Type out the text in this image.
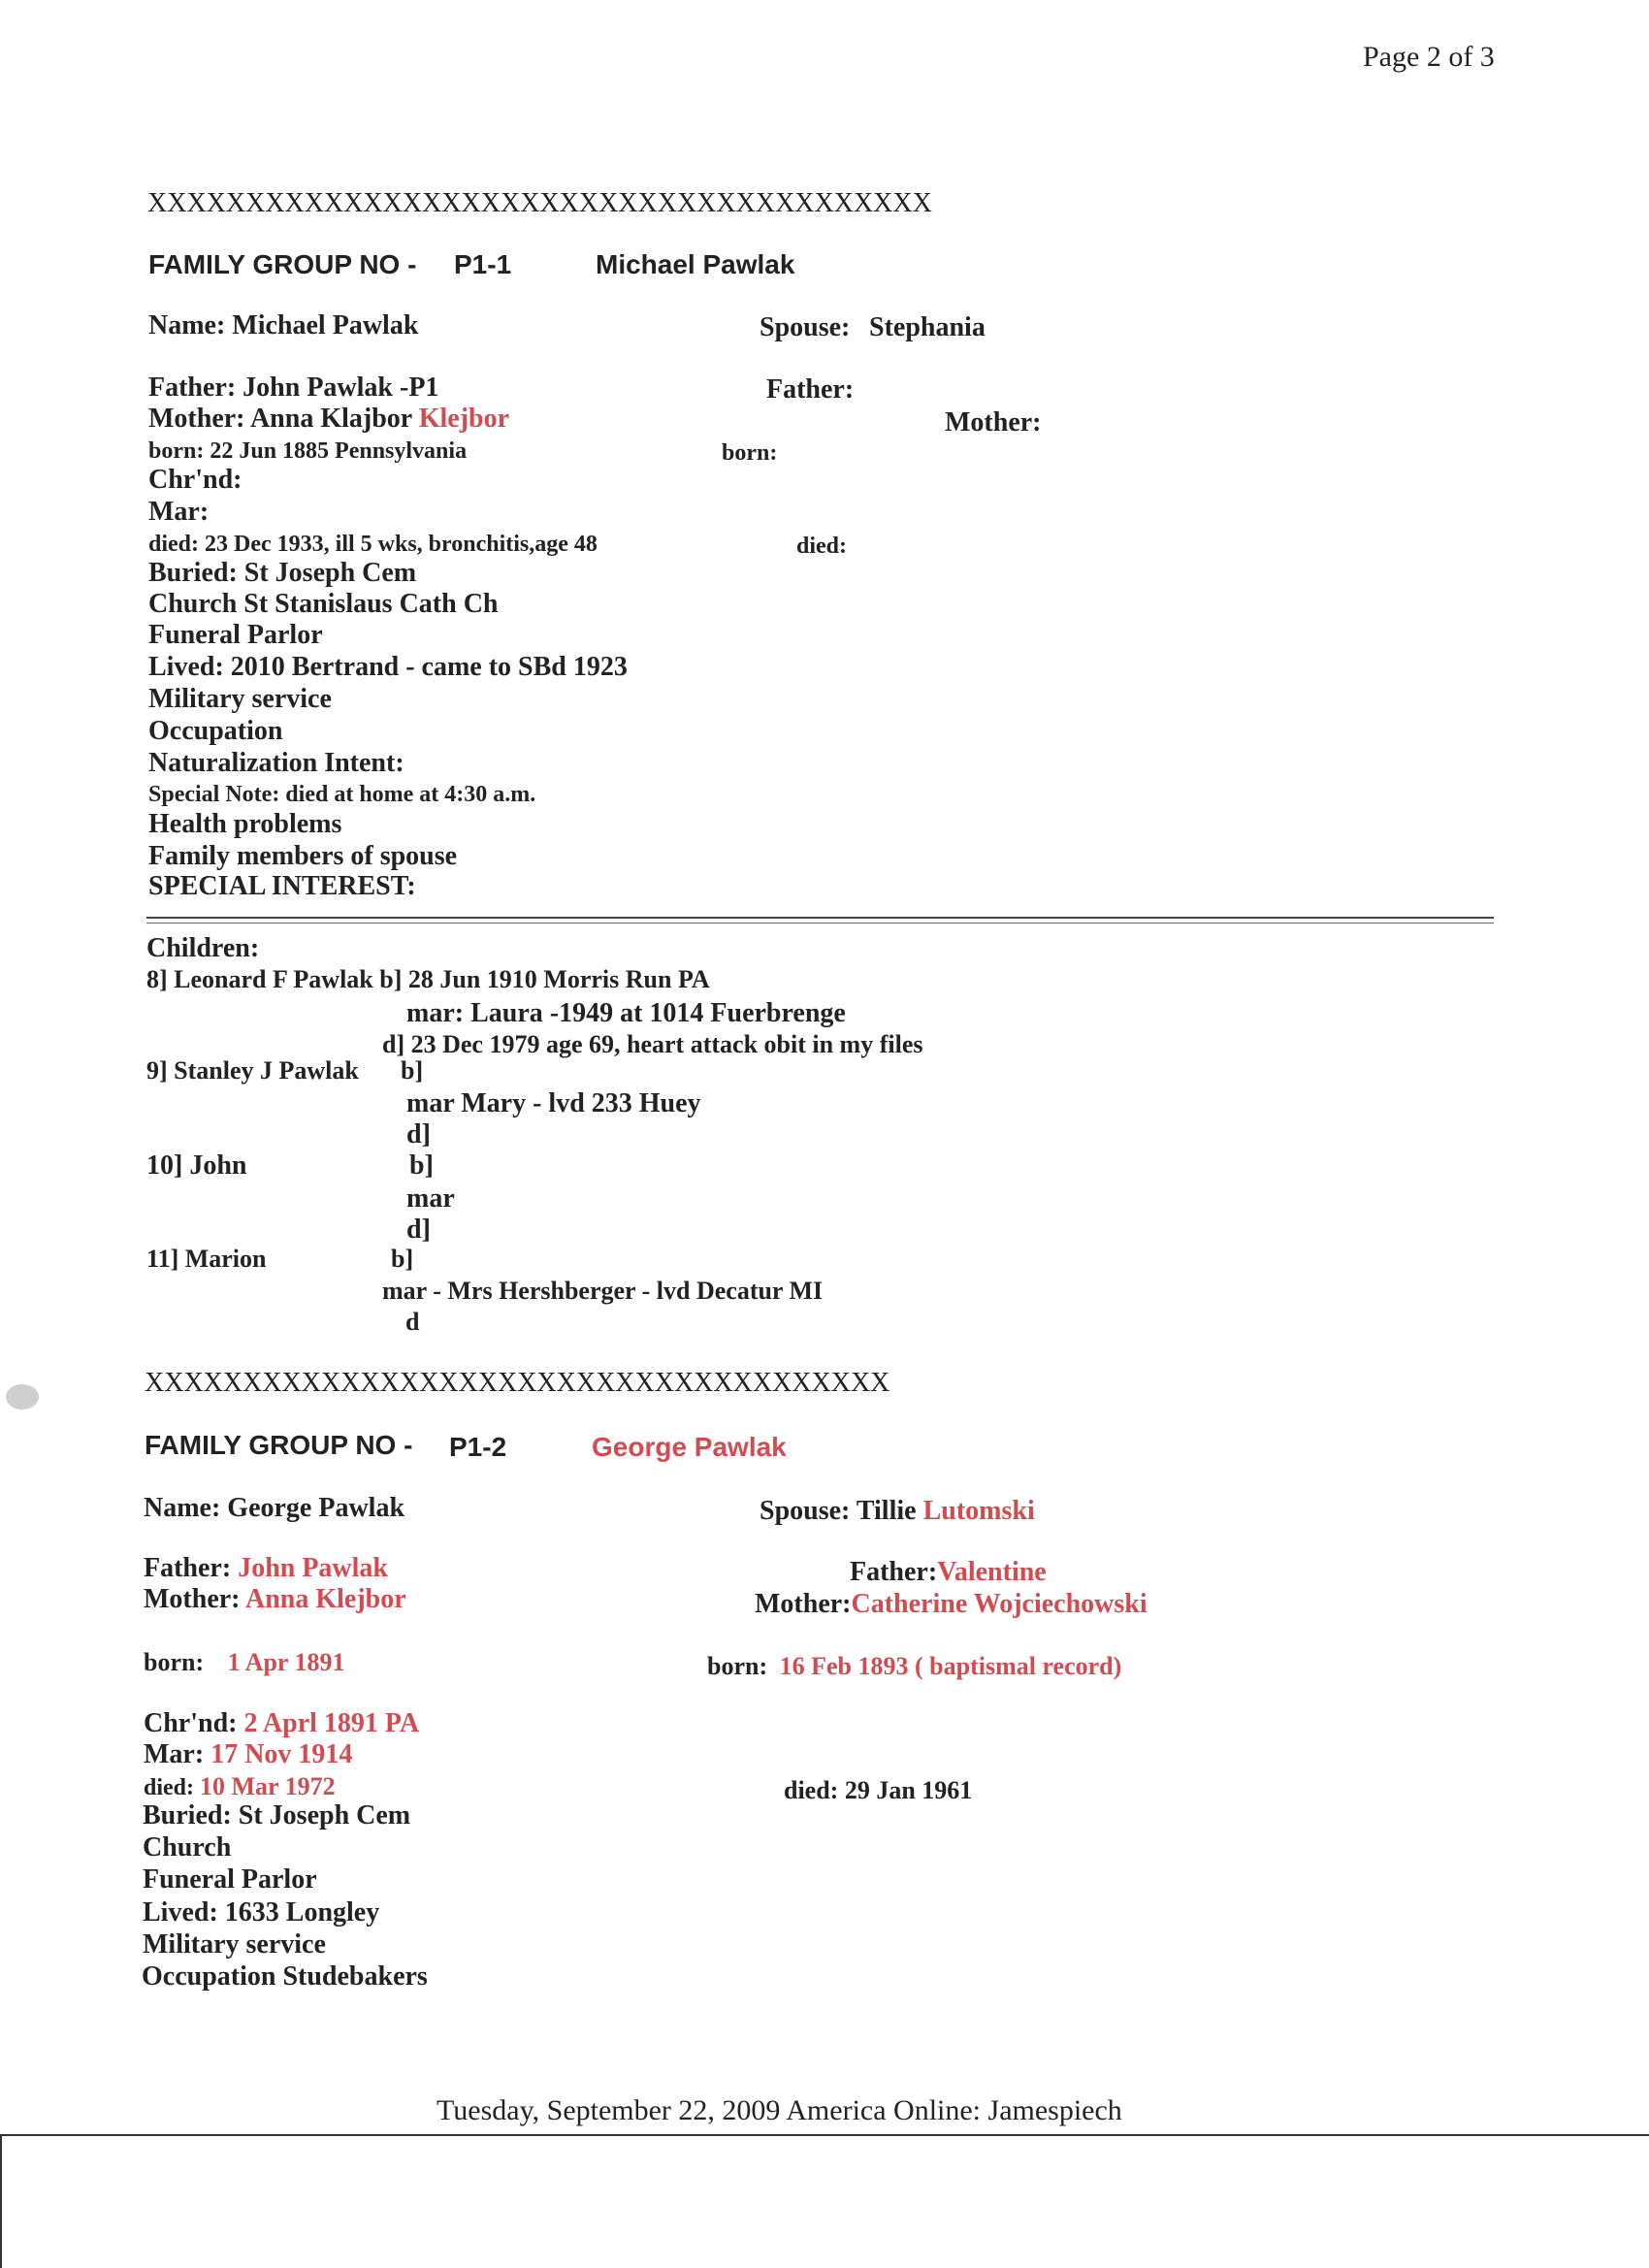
Page 2 of 3
XXXXXXXXXXXXXXXXXXXXXXXXXXXXXXXXXXXXXXXX
FAMILY GROUP NO - P1-1	Michael Pawlak
Name: Michael Pawlak	Spouse: Stephania
Father: John Pawlak -P1
Mother: Anna Klajbor Klejbor
born: 22 Jun 1885 Pennsylvania
Chr'nd:
Mar:
died: 23 Dec 1933, ill 5 wks, bronchitis,age 48
Buried: St Joseph Cem
Church St Stanislaus Cath Ch
Funeral Parlor
Lived: 2010 Bertrand - came to SBd 1923
Military service
Occupation
Naturalization Intent:
Special Note: died at home at 4:30 a.m.
Health problems
Family members of spouse
SPECIAL INTEREST:
Father:
Mother:
born:
died:
Children:
8] Leonard F Pawlak b] 28 Jun 1910 Morris Run PA
mar: Laura -1949 at 1014 Fuerbrenge
d] 23 Dec 1979 age 69, heart attack obit in my files
9] Stanley J Pawlak b]
mar Mary - lvd 233 Huey
d]
10] John	b]
mar
d]
11] Marion	b]
mar - Mrs Hershberger - lvd Decatur MI
d
XXXXXXXXXXXXXXXXXXXXXXXXXXXXXXXXXXXXXX
FAMILY GROUP NO - P1-2	George Pawlak
Name: George Pawlak	Spouse: Tillie Lutomski
Father: John Pawlak
Mother: Anna Klejbor
born: 1 Apr 1891
Chr'nd: 2 Aprl 1891 PA
Mar: 17 Nov 1914
died: 10 Mar 1972
Buried: St Joseph Cem
Church
Funeral Parlor
Lived: 1633 Longley
Military service
Occupation Studebakers
Father:Valentine
Mother:Catherine Wojciechowski
born: 16 Feb 1893 ( baptismal record)
died: 29 Jan 1961
Tuesday, September 22, 2009 America Online: Jamespiech
